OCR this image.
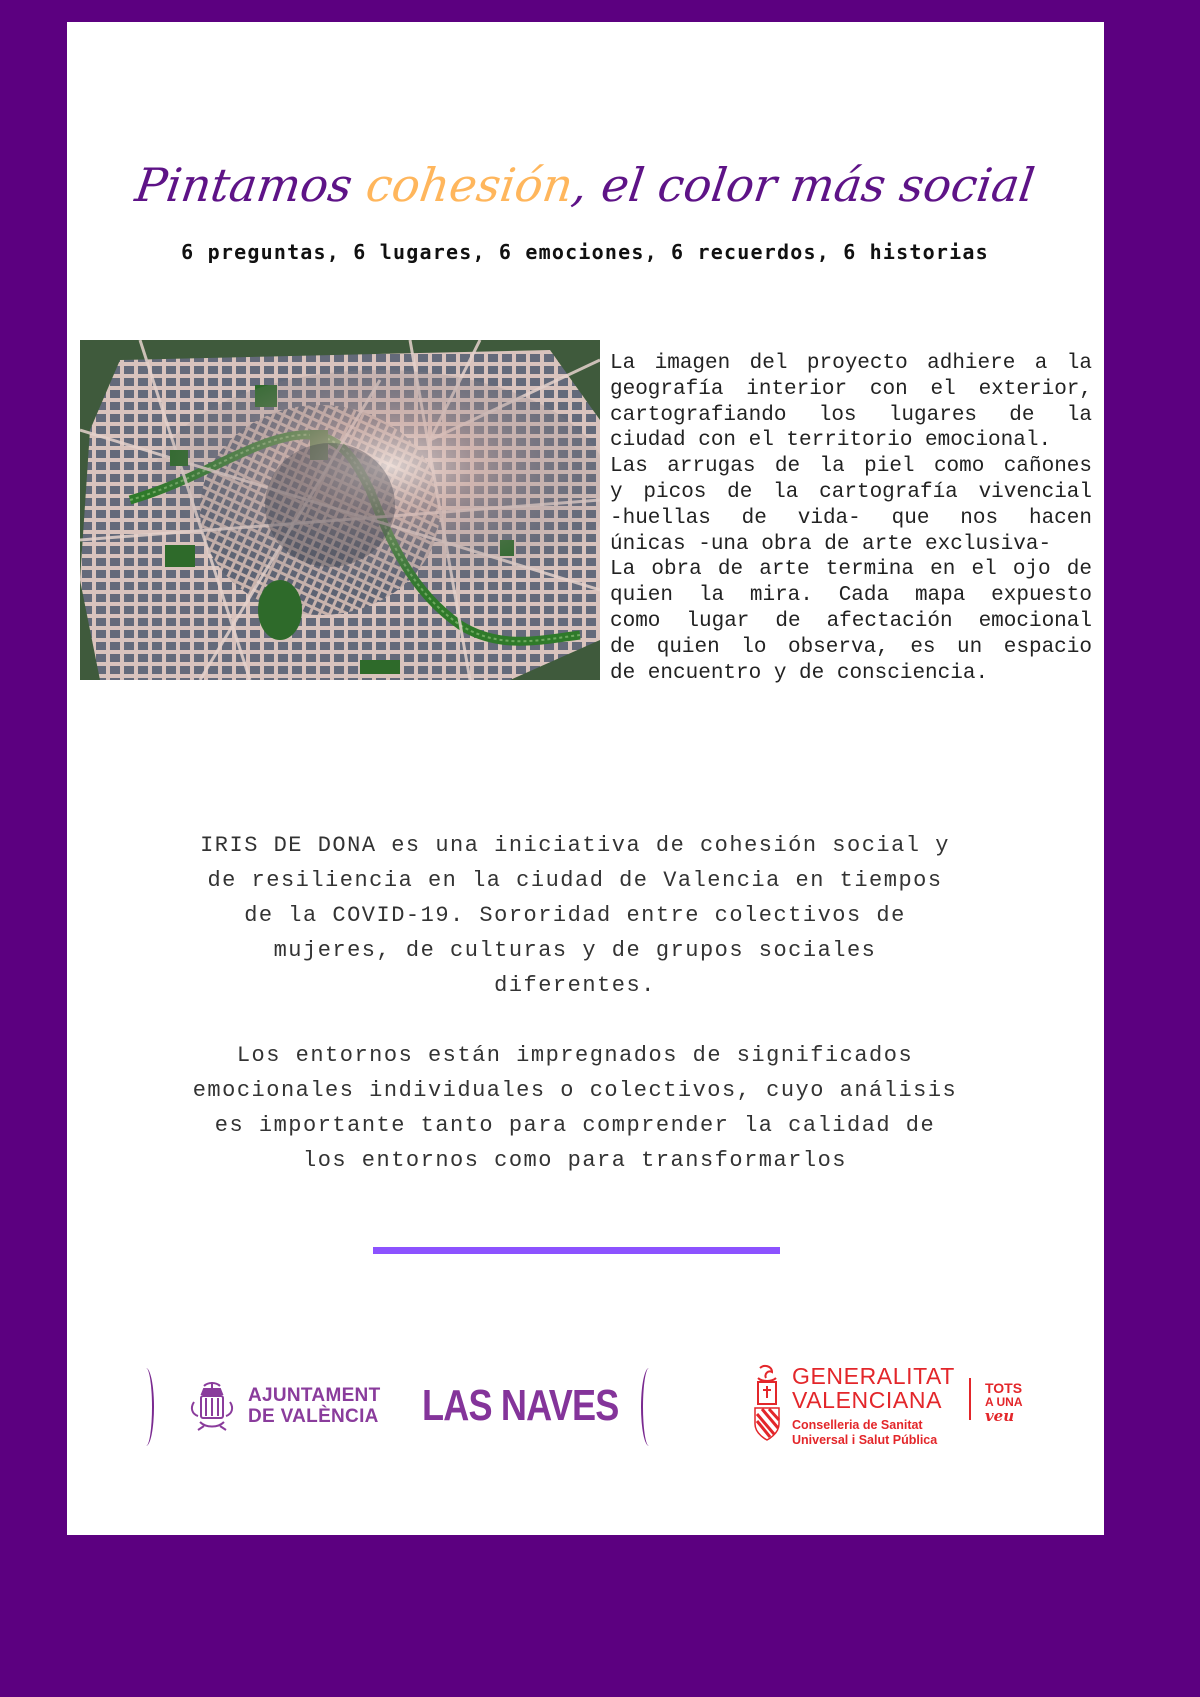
Pintamos cohesión, el color más social
6 preguntas, 6 lugares, 6 emociones, 6 recuerdos, 6 historias
La imagen del proyecto adhiere a la
geografía interior con el exterior,
cartografiando los lugares de la
ciudad con el territorio emocional.
Las arrugas de la piel como cañones
y picos de la cartografía vivencial
-huellas de vida- que nos hacen
únicas -una obra de arte exclusiva-
La obra de arte termina en el ojo de
quien la mira. Cada mapa expuesto
como lugar de afectación emocional
de quien lo observa, es un espacio
de encuentro y de consciencia.
IRIS DE DONA es una iniciativa de cohesión social y
de resiliencia en la ciudad de Valencia en tiempos
de la COVID-19. Sororidad entre colectivos de
mujeres, de culturas y de grupos sociales
diferentes.
Los entornos están impregnados de significados
emocionales individuales o colectivos, cuyo análisis
es importante tanto para comprender la calidad de
los entornos como para transformarlos
AJUNTAMENT
DE VALÈNCIA LAS NAVES
GENERALITAT
VALENCIANA
Conselleria de Sanitat
Universal i Salut Pública
TOTS
A UNA
veu
